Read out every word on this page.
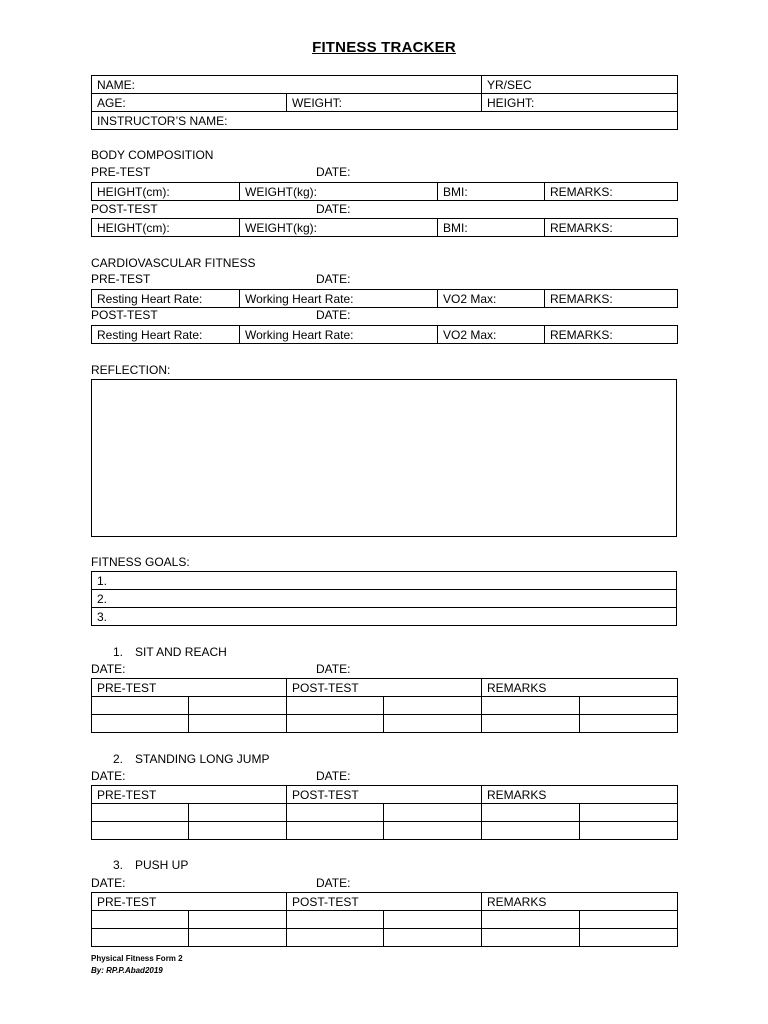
FITNESS TRACKER
NAME:		YR/SEC
AGE:	WEIGHT:	HEIGHT:
INSTRUCTOR’S NAME:		
BODY COMPOSITION
PRE-TEST	DATE:
HEIGHT(cm):	WEIGHT(kg):	BMI:	REMARKS:
POST-TEST	DATE:
HEIGHT(cm):	WEIGHT(kg):	BMI:	REMARKS:
CARDIOVASCULAR FITNESS
PRE-TEST	DATE:
Resting Heart Rate:	Working Heart Rate:	VO2 Max:	REMARKS:
POST-TEST	DATE:
Resting Heart Rate:	Working Heart Rate:	VO2 Max:	REMARKS:
REFLECTION:
FITNESS GOALS:
1.
2.
3.
1. SIT AND REACH
DATE:	DATE:
PRE-TEST		POST-TEST		REMARKS	

2. STANDING LONG JUMP
DATE:	DATE:
PRE-TEST		POST-TEST		REMARKS	

3. PUSH UP
DATE:	DATE:
PRE-TEST		POST-TEST		REMARKS	

Physical Fitness Form 2
By: RP.P.Abad2019
